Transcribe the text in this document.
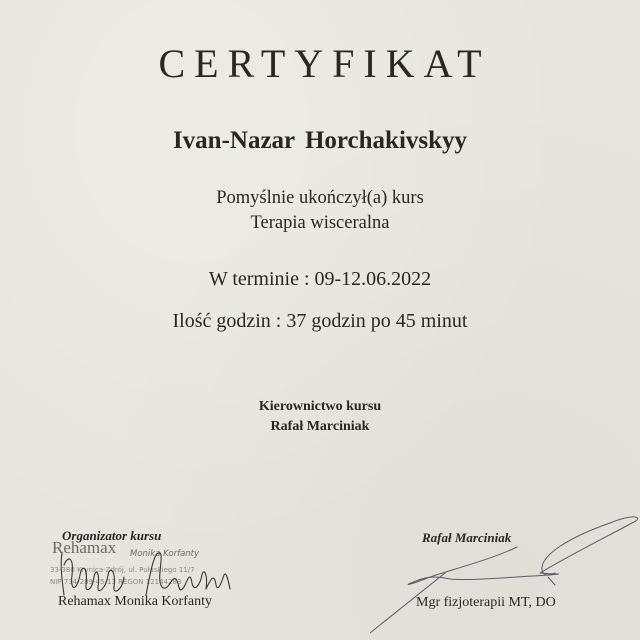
CERTYFIKAT
Ivan-Nazar Horchakivskyy
Pomyślnie ukończył(a) kurs
Terapia wisceralna
W terminie : 09-12.06.2022
Ilość godzin : 37 godzin po 45 minut
Kierownictwo kursu
Rafał Marciniak
Rehamax
Organizator kursu
Monika Korfanty
33-380 Krynica-Zdrój, ul. Pułaskiego 11/7
NIP 734-289-45-13 REGON 12144283
Rehamax Monika Korfanty
Rafał Marciniak
Mgr fizjoterapii MT, DO
